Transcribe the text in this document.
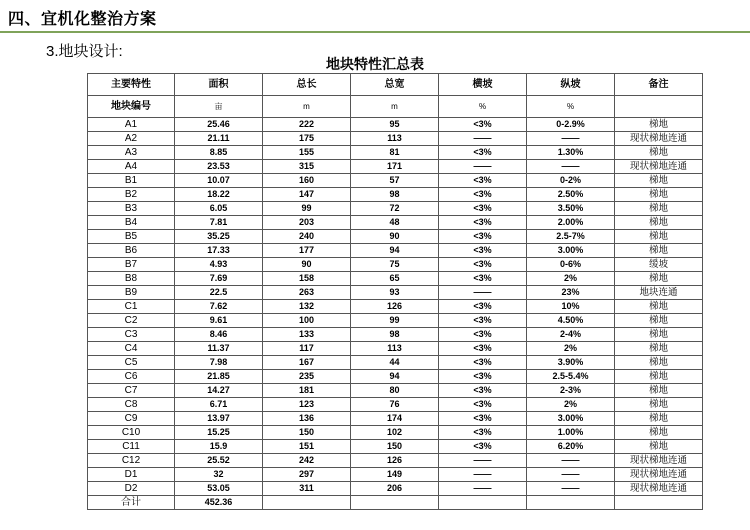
四、宜机化整治方案
3.地块设计:
地块特性汇总表
主要特性	面积	总长	总宽	横坡	纵坡	备注
地块编号	亩	m	m	%	%	
A1	25.46	222	95	<3%	0-2.9%	梯地
A2	21.11	175	113	——	——	现状梯地连通
A3	8.85	155	81	<3%	1.30%	梯地
A4	23.53	315	171	——	——	现状梯地连通
B1	10.07	160	57	<3%	0-2%	梯地
B2	18.22	147	98	<3%	2.50%	梯地
B3	6.05	99	72	<3%	3.50%	梯地
B4	7.81	203	48	<3%	2.00%	梯地
B5	35.25	240	90	<3%	2.5-7%	梯地
B6	17.33	177	94	<3%	3.00%	梯地
B7	4.93	90	75	<3%	0-6%	缓坡
B8	7.69	158	65	<3%	2%	梯地
B9	22.5	263	93	——	23%	地块连通
C1	7.62	132	126	<3%	10%	梯地
C2	9.61	100	99	<3%	4.50%	梯地
C3	8.46	133	98	<3%	2-4%	梯地
C4	11.37	117	113	<3%	2%	梯地
C5	7.98	167	44	<3%	3.90%	梯地
C6	21.85	235	94	<3%	2.5-5.4%	梯地
C7	14.27	181	80	<3%	2-3%	梯地
C8	6.71	123	76	<3%	2%	梯地
C9	13.97	136	174	<3%	3.00%	梯地
C10	15.25	150	102	<3%	1.00%	梯地
C11	15.9	151	150	<3%	6.20%	梯地
C12	25.52	242	126	——	——	现状梯地连通
D1	32	297	149	——	——	现状梯地连通
D2	53.05	311	206	——	——	现状梯地连通
合计	452.36					
